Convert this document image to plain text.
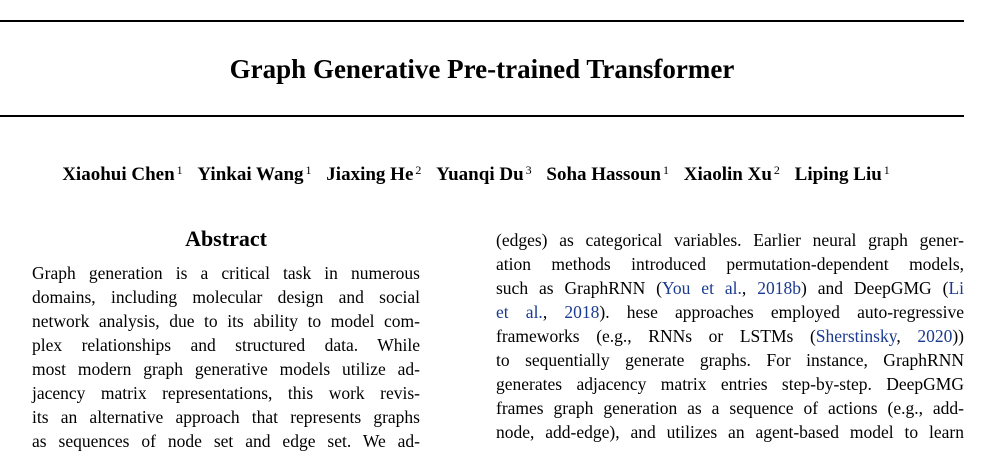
Graph Generative Pre-trained Transformer
Xiaohui Chen $^1$ Yinkai Wang $^1$ Jiaxing He $^2$ Yuanqi Du $^3$ Soha Hassoun $^1$ Xiaolin Xu $^2$ Liping Liu $^1$
Abstract
Graph generation is a critical task in numerous
domains, including molecular design and social
network analysis, due to its ability to model com-
plex relationships and structured data. While
most modern graph generative models utilize ad-
jacency matrix representations, this work revis-
its an alternative approach that represents graphs
as sequences of node set and edge set. We ad-
(edges) as categorical variables. Earlier neural graph gener-
ation methods introduced permutation-dependent models,
such as GraphRNN (You et al., 2018b) and DeepGMG (Li
et al., 2018). hese approaches employed auto-regressive
frameworks (e.g., RNNs or LSTMs (Sherstinsky, 2020))
to sequentially generate graphs. For instance, GraphRNN
generates adjacency matrix entries step-by-step. DeepGMG
frames graph generation as a sequence of actions (e.g., add-
node, add-edge), and utilizes an agent-based model to learn
